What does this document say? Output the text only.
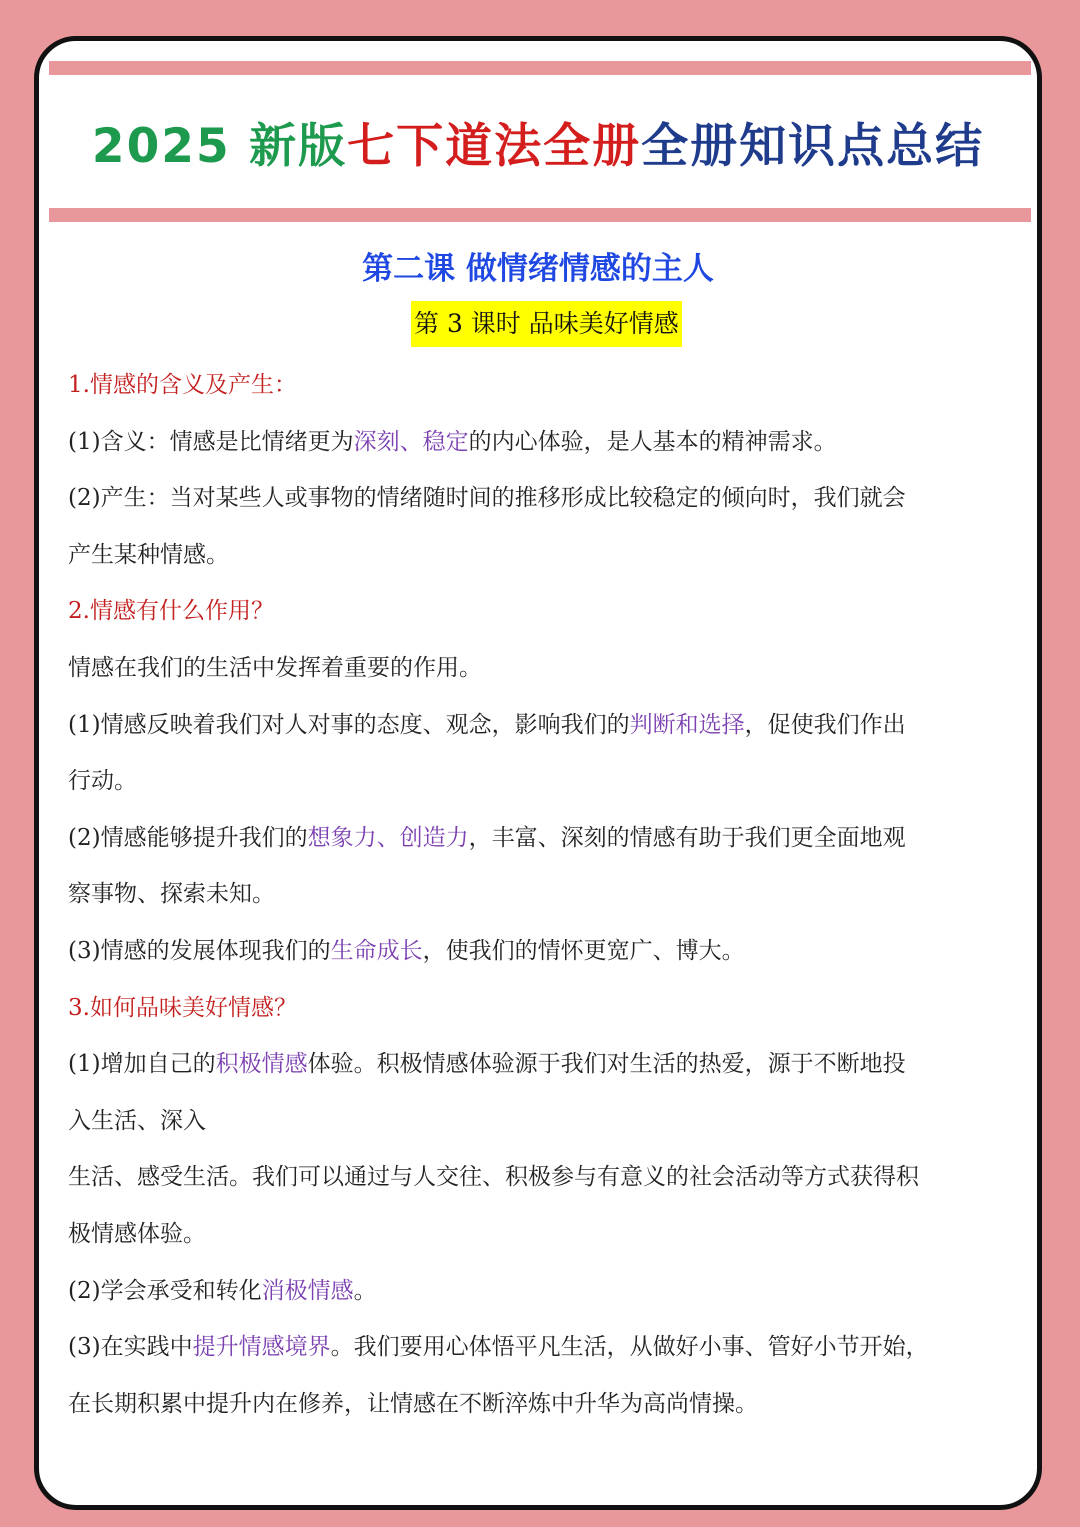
2025 新版七下道法全册全册知识点总结
第二课 做情绪情感的主人
第 3 课时 品味美好情感
1.情感的含义及产生：
(1)含义：情感是比情绪更为深刻、稳定的内心体验，是人基本的精神需求。
(2)产生：当对某些人或事物的情绪随时间的推移形成比较稳定的倾向时，我们就会
产生某种情感。
2.情感有什么作用？
情感在我们的生活中发挥着重要的作用。
(1)情感反映着我们对人对事的态度、观念，影响我们的判断和选择，促使我们作出
行动。
(2)情感能够提升我们的想象力、创造力，丰富、深刻的情感有助于我们更全面地观
察事物、探索未知。
(3)情感的发展体现我们的生命成长，使我们的情怀更宽广、博大。
3.如何品味美好情感？
(1)增加自己的积极情感体验。积极情感体验源于我们对生活的热爱，源于不断地投
入生活、深入
生活、感受生活。我们可以通过与人交往、积极参与有意义的社会活动等方式获得积
极情感体验。
(2)学会承受和转化消极情感。
(3)在实践中提升情感境界。我们要用心体悟平凡生活，从做好小事、管好小节开始，
在长期积累中提升内在修养，让情感在不断淬炼中升华为高尚情操。
